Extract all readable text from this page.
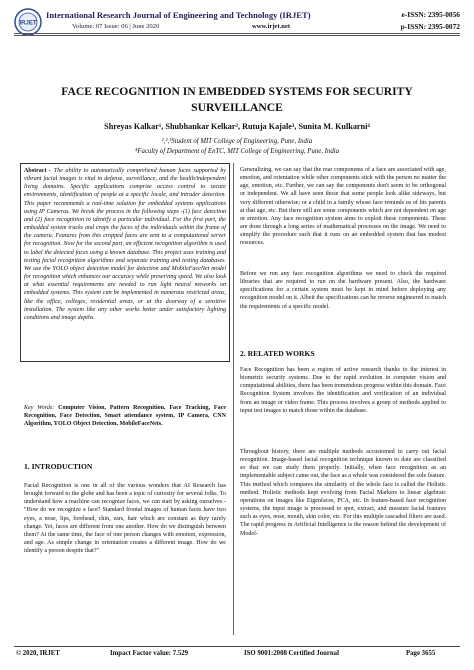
IRJET
International Research Journal of Engineering and Technology (IRJET)	e-ISSN: 2395-0056
Volume: 07 Issue: 06 | June 2020	www.irjet.net	p-ISSN: 2395-0072
FACE RECOGNITION IN EMBEDDED SYSTEMS FOR SECURITY SURVEILLANCE
Shreyas Kalkar¹, Shubhankar Kelkar², Rutuja Kajale³, Sunita M. Kulkarni⁴
¹,²,³Student of MIT College of Engineering, Pune, India
⁴Faculty of Department of EnTC, MIT College of Engineering, Pune, India
Abstract - The ability to automatically comprehend human faces supported by vibrant facial images is vital in defense, surveillance, and the health/independent living domains. Specific applications comprise access control to secure environments, identification of people at a specific locale, and intruder detection. This paper recommends a real-time solution for embedded systems applications using IP Cameras. We break the process in the following steps -(1) face detection and (2) face recognition to identify a particular individual. For the first part, the embedded system tracks and crops the faces of the individuals within the frame of the camera. Features from this cropped faces are sent to a computational server for recognition. Now for the second part, an efficient recognition algorithm is used to label the detected faces using a known database. This project uses training and testing facial recognition algorithms and separate training and testing databases. We use the YOLO object detection model for detection and MobileFaceNet model for recognition which enhances our accuracy while preserving speed. We also look at what essential requirements are needed to run light neural networks on embedded systems. This system can be implemented in numerous restricted areas, like the office, colleges, residential areas, or at the doorway of a sensitive installation. The system like any other works better under satisfactory lighting conditions and image depths.
Key Words: Computer Vision, Pattern Recognition, Face Tracking, Face Recognition, Face Detection, Smart attendance system, IP Camera, CNN Algorithm, YOLO Object Detection, MobileFaceNets.
1. INTRODUCTION
Facial Recognition is one in all of the various wonders that AI Research has brought forward to the globe and has been a topic of curiosity for several folks. To understand how a machine can recognize faces, we can start by asking ourselves - "How do we recognize a face? Standard frontal images of human faces have two eyes, a nose, lips, forehead, chin, ears, hair which are constant as they rarely change. Yet, faces are different from one another. How do we distinguish between them? At the same time, the face of one person changes with emotion, expression, and age. As simple change in orientation creates a different image. How do we identify a person despite that?"
Generalizing, we can say that the rear components of a face are associated with age, emotion, and orientation while other components stick with the person no matter the age, emotion, etc. Further, we can say the components don't seem to be orthogonal or independent. We all have seen those that some people look alike sideways, but very different otherwise; or a child in a family whose face reminds us of his parents at that age, etc. But there still are some components which are not dependent on age or emotion. Any face recognition system aims to exploit these components. These are done through a long series of mathematical processes on the image. We need to simplify the procedure such that it runs on an embedded system that has modest resources.
Before we run any face recognition algorithms we need to check the required libraries that are required to run on the hardware present. Also, the hardware specifications for a certain system must be kept in mind before deploying any recognition model on it. Albeit the specifications can be reverse engineered to match the requirements of a specific model.
2. RELATED WORKS
Face Recognition has been a region of active research thanks to the interest in biometric security systems. Due to the rapid evolution in computer vision and computational abilities, there has been tremendous progress within this domain. Face Recognition System involves the identification and verification of an individual from an image or video frame. This process involves a group of methods applied to input test images to match those within the database.
Throughout history, there are multiple methods accustomed to carry out facial recognition. Image-based facial recognition technique known to date are classified so that we can study them properly. Initially, when face recognition as an implementable subject came out, the face as a whole was considered the sole feature. This method which compares the similarity of the whole face is called the Holistic method. Holistic methods kept evolving from Facial Markers to linear algebraic operations on images like Eigenfaces, PCA, etc. In feature-based face recognition systems, the input image is processed to spot, extract, and measure facial features such as eyes, nose, mouth, skin color, etc. For this multiple cascaded filters are used. The rapid progress in Artificial Intelligence is the reason behind the development of Model-
© 2020, IRJET	Impact Factor value: 7.529	ISO 9001:2008 Certified Journal	Page 3655
